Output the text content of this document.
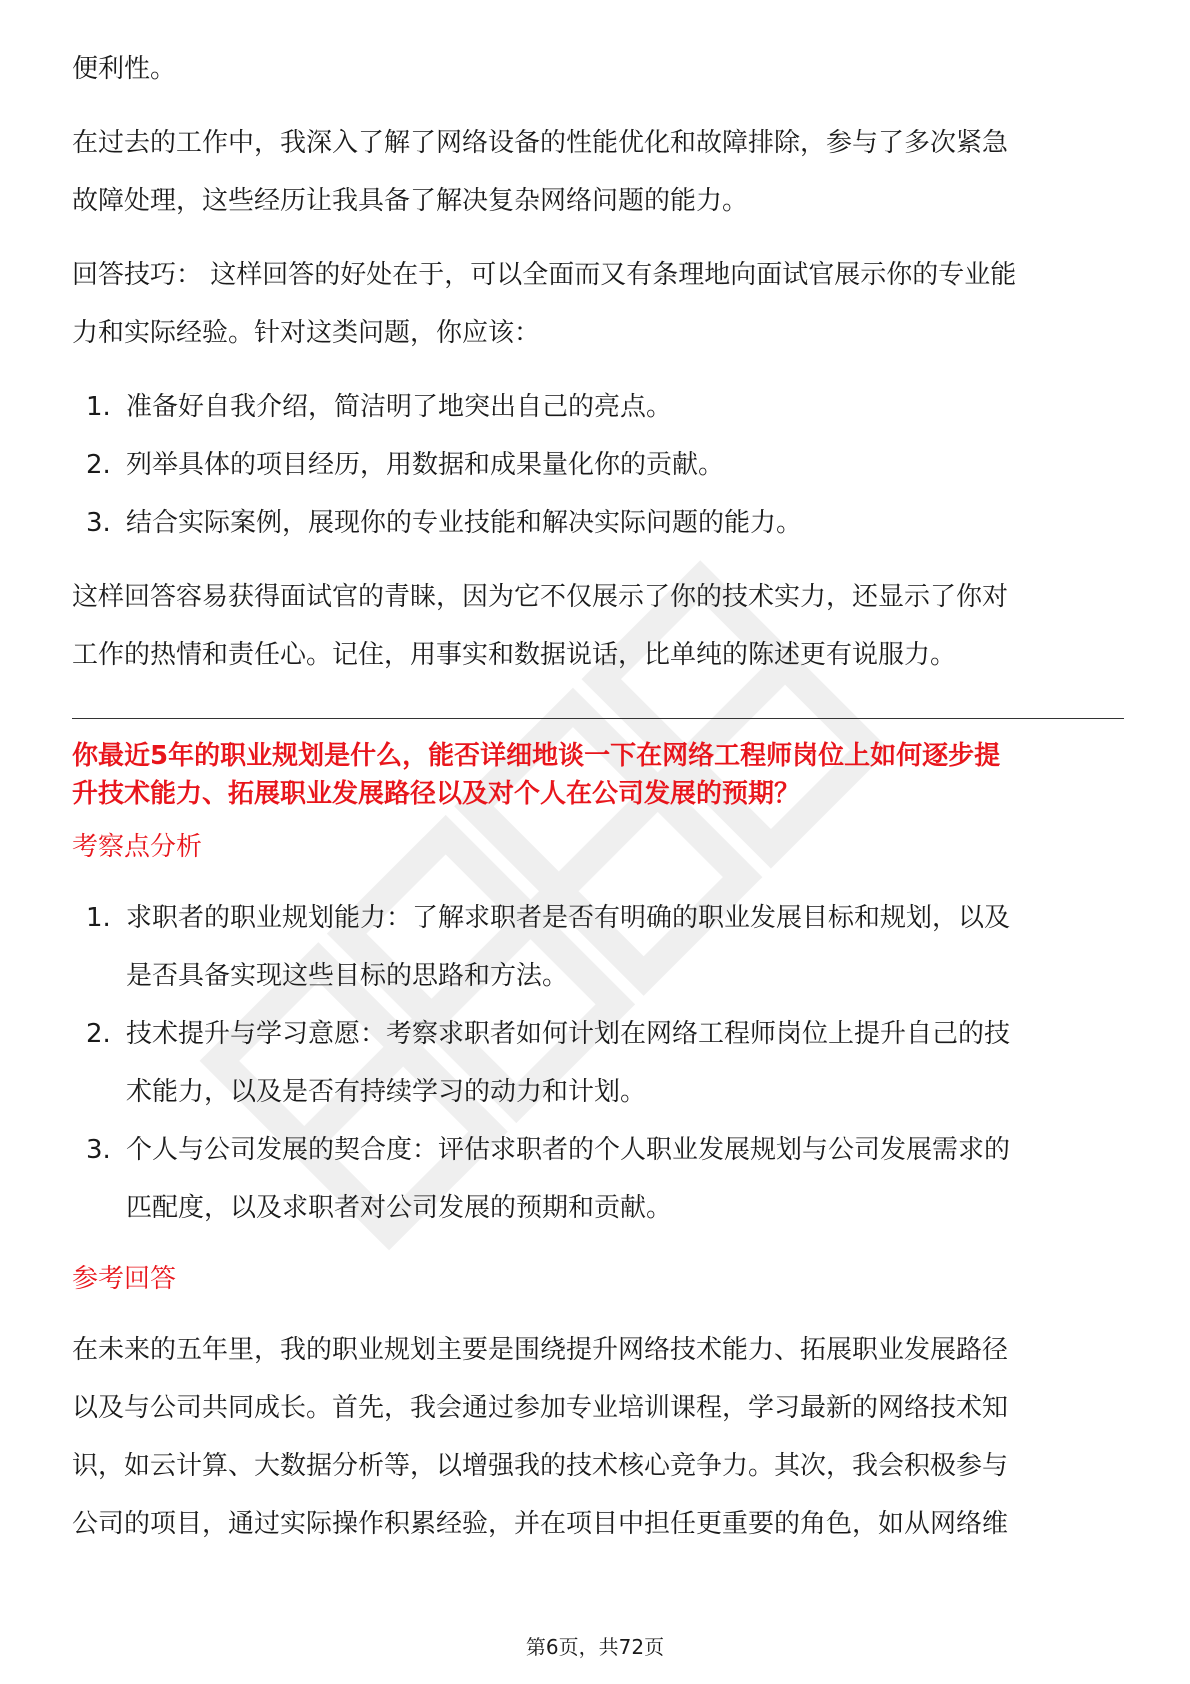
便利性。

在过去的工作中，我深入了解了网络设备的性能优化和故障排除，参与了多次紧急

故障处理，这些经历让我具备了解决复杂网络问题的能力。

回答技巧： 这样回答的好处在于，可以全面而又有条理地向面试官展示你的专业能

力和实际经验。针对这类问题，你应该：

1. 准备好自我介绍，简洁明了地突出自己的亮点。
2. 列举具体的项目经历，用数据和成果量化你的贡献。
3. 结合实际案例，展现你的专业技能和解决实际问题的能力。

这样回答容易获得面试官的青睐，因为它不仅展示了你的技术实力，还显示了你对

工作的热情和责任心。记住，用事实和数据说话，比单纯的陈述更有说服力。

你最近5年的职业规划是什么，能否详细地谈一下在网络工程师岗位上如何逐步提

升技术能力、拓展职业发展路径以及对个人在公司发展的预期？

考察点分析
1. 求职者的职业规划能力：了解求职者是否有明确的职业发展目标和规划，以及
是否具备实现这些目标的思路和方法。
2. 技术提升与学习意愿：考察求职者如何计划在网络工程师岗位上提升自己的技
术能力，以及是否有持续学习的动力和计划。
3. 个人与公司发展的契合度：评估求职者的个人职业发展规划与公司发展需求的
匹配度，以及求职者对公司发展的预期和贡献。
参考回答

在未来的五年里，我的职业规划主要是围绕提升网络技术能力、拓展职业发展路径

以及与公司共同成长。首先，我会通过参加专业培训课程，学习最新的网络技术知

识，如云计算、大数据分析等，以增强我的技术核心竞争力。其次，我会积极参与

公司的项目，通过实际操作积累经验，并在项目中担任更重要的角色，如从网络维

第6页，共72页
